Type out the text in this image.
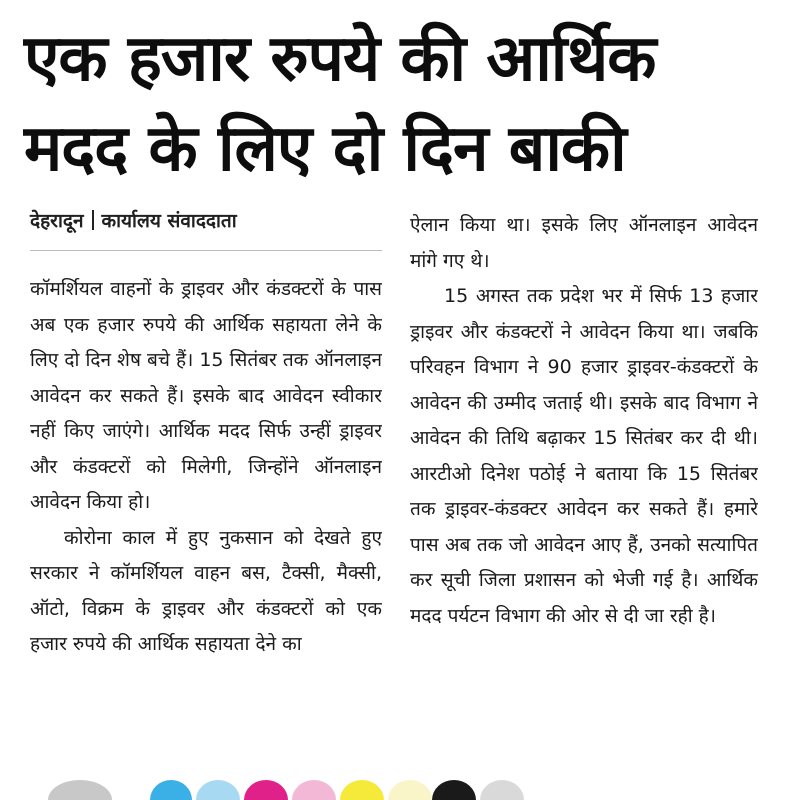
एक हजार रुपये की आर्थिक
मदद के लिए दो दिन बाकी
देहरादून कार्यालय संवाददाता

कॉमर्शियल वाहनों के ड्राइवर और कंडक्टरों के पास अब एक हजार रुपये की आर्थिक सहायता लेने के लिए दो दिन शेष बचे हैं। 15 सितंबर तक ऑनलाइन आवेदन कर सकते हैं। इसके बाद आवेदन स्वीकार नहीं किए जाएंगे। आर्थिक मदद सिर्फ उन्हीं ड्राइवर और कंडक्टरों को मिलेगी, जिन्होंने ऑनलाइन आवेदन किया हो।

कोरोना काल में हुए नुकसान को देखते हुए सरकार ने कॉमर्शियल वाहन बस, टैक्सी, मैक्सी, ऑटो, विक्रम के ड्राइवर और कंडक्टरों को एक हजार रुपये की आर्थिक सहायता देने का

ऐलान किया था। इसके लिए ऑनलाइन आवेदन मांगे गए थे।

15 अगस्त तक प्रदेश भर में सिर्फ 13 हजार ड्राइवर और कंडक्टरों ने आवेदन किया था। जबकि परिवहन विभाग ने 90 हजार ड्राइवर-कंडक्टरों के आवेदन की उम्मीद जताई थी। इसके बाद विभाग ने आवेदन की तिथि बढ़ाकर 15 सितंबर कर दी थी। आरटीओ दिनेश पठोई ने बताया कि 15 सितंबर तक ड्राइवर-कंडक्टर आवेदन कर सकते हैं। हमारे पास अब तक जो आवेदन आए हैं, उनको सत्यापित कर सूची जिला प्रशासन को भेजी गई है। आर्थिक मदद पर्यटन विभाग की ओर से दी जा रही है।
